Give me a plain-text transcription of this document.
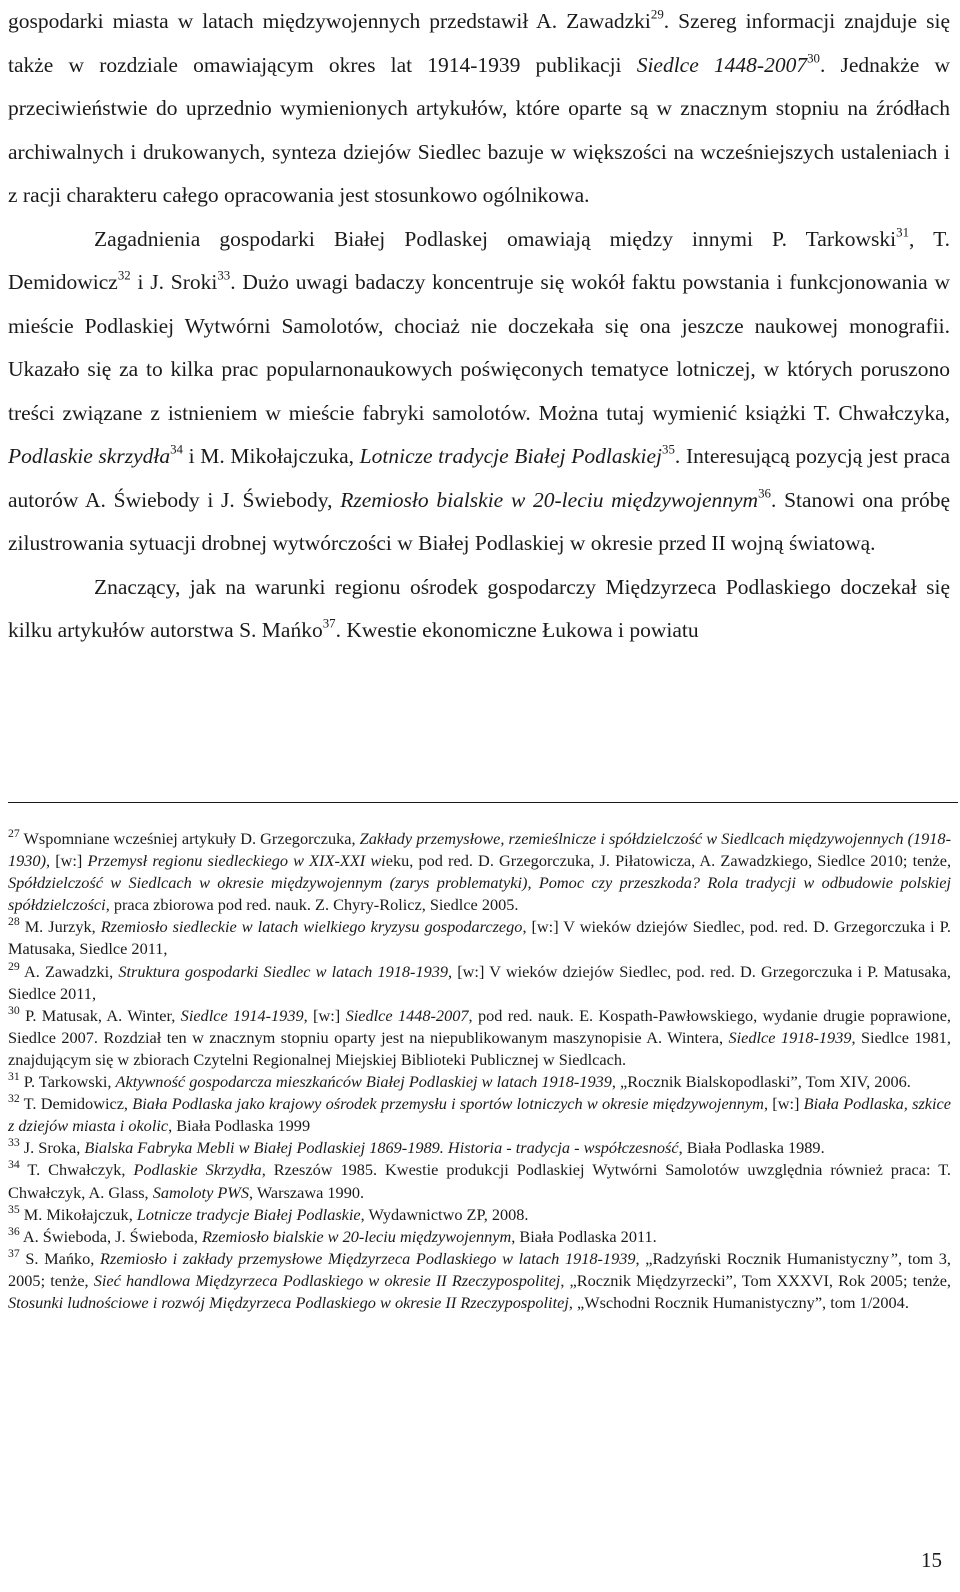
gospodarki miasta w latach międzywojennych przedstawił A. Zawadzki$^{29}$. Szereg informacji znajduje się także w rozdziale omawiającym okres lat 1914-1939 publikacji Siedlce 1448-2007$^{30}$. Jednakże w przeciwieństwie do uprzednio wymienionych artykułów, które oparte są w znacznym stopniu na źródłach archiwalnych i drukowanych, synteza dziejów Siedlec bazuje w większości na wcześniejszych ustaleniach i z racji charakteru całego opracowania jest stosunkowo ogólnikowa.

Zagadnienia gospodarki Białej Podlaskej omawiają między innymi P. Tarkowski$^{31}$, T. Demidowicz$^{32}$ i J. Sroki$^{33}$. Dużo uwagi badaczy koncentruje się wokół faktu powstania i funkcjonowania w mieście Podlaskiej Wytwórni Samolotów, chociaż nie doczekała się ona jeszcze naukowej monografii. Ukazało się za to kilka prac popularnonaukowych poświęconych tematyce lotniczej, w których poruszono treści związane z istnieniem w mieście fabryki samolotów. Można tutaj wymienić książki T. Chwałczyka, Podlaskie skrzydła$^{34}$ i M. Mikołajczuka, Lotnicze tradycje Białej Podlaskiej$^{35}$. Interesującą pozycją jest praca autorów A. Świebody i J. Świebody, Rzemiosło bialskie w 20-leciu międzywojennym$^{36}$. Stanowi ona próbę zilustrowania sytuacji drobnej wytwórczości w Białej Podlaskiej w okresie przed II wojną światową.

Znaczący, jak na warunki regionu ośrodek gospodarczy Międzyrzeca Podlaskiego doczekał się kilku artykułów autorstwa S. Mańko$^{37}$. Kwestie ekonomiczne Łukowa i powiatu

$^{27}$ Wspomniane wcześniej artykuły D. Grzegorczuka, Zakłady przemysłowe, rzemieślnicze i spółdzielczość w Siedlcach międzywojennych (1918-1930), [w:] Przemysł regionu siedleckiego w XIX-XXI wieku, pod red. D. Grzegorczuka, J. Piłatowicza, A. Zawadzkiego, Siedlce 2010; tenże, Spółdzielczość w Siedlcach w okresie międzywojennym (zarys problematyki), Pomoc czy przeszkoda? Rola tradycji w odbudowie polskiej spółdzielczości, praca zbiorowa pod red. nauk. Z. Chyry-Rolicz, Siedlce 2005.

$^{28}$ M. Jurzyk, Rzemiosło siedleckie w latach wielkiego kryzysu gospodarczego, [w:] V wieków dziejów Siedlec, pod. red. D. Grzegorczuka i P. Matusaka, Siedlce 2011,

$^{29}$ A. Zawadzki, Struktura gospodarki Siedlec w latach 1918-1939, [w:] V wieków dziejów Siedlec, pod. red. D. Grzegorczuka i P. Matusaka, Siedlce 2011,

$^{30}$ P. Matusak, A. Winter, Siedlce 1914-1939, [w:] Siedlce 1448-2007, pod red. nauk. E. Kospath-Pawłowskiego, wydanie drugie poprawione, Siedlce 2007. Rozdział ten w znacznym stopniu oparty jest na niepublikowanym maszynopisie A. Wintera, Siedlce 1918-1939, Siedlce 1981, znajdującym się w zbiorach Czytelni Regionalnej Miejskiej Biblioteki Publicznej w Siedlcach.

$^{31}$ P. Tarkowski, Aktywność gospodarcza mieszkańców Białej Podlaskiej w latach 1918-1939, „Rocznik Bialskopodlaski”, Tom XIV, 2006.

$^{32}$ T. Demidowicz, Biała Podlaska jako krajowy ośrodek przemysłu i sportów lotniczych w okresie międzywojennym, [w:] Biała Podlaska, szkice z dziejów miasta i okolic, Biała Podlaska 1999

$^{33}$ J. Sroka, Bialska Fabryka Mebli w Białej Podlaskiej 1869-1989. Historia - tradycja - współczesność, Biała Podlaska 1989.

$^{34}$ T. Chwałczyk, Podlaskie Skrzydła, Rzeszów 1985. Kwestie produkcji Podlaskiej Wytwórni Samolotów uwzględnia również praca: T. Chwałczyk, A. Glass, Samoloty PWS, Warszawa 1990.

$^{35}$ M. Mikołajczuk, Lotnicze tradycje Białej Podlaskie, Wydawnictwo ZP, 2008.

$^{36}$ A. Świeboda, J. Świeboda, Rzemiosło bialskie w 20-leciu międzywojennym, Biała Podlaska 2011.

$^{37}$ S. Mańko, Rzemiosło i zakłady przemysłowe Międzyrzeca Podlaskiego w latach 1918-1939, „Radzyński Rocznik Humanistyczny”, tom 3, 2005; tenże, Sieć handlowa Międzyrzeca Podlaskiego w okresie II Rzeczypospolitej, „Rocznik Międzyrzecki”, Tom XXXVI, Rok 2005; tenże, Stosunki ludnościowe i rozwój Międzyrzeca Podlaskiego w okresie II Rzeczypospolitej, „Wschodni Rocznik Humanistyczny”, tom 1/2004.

15
